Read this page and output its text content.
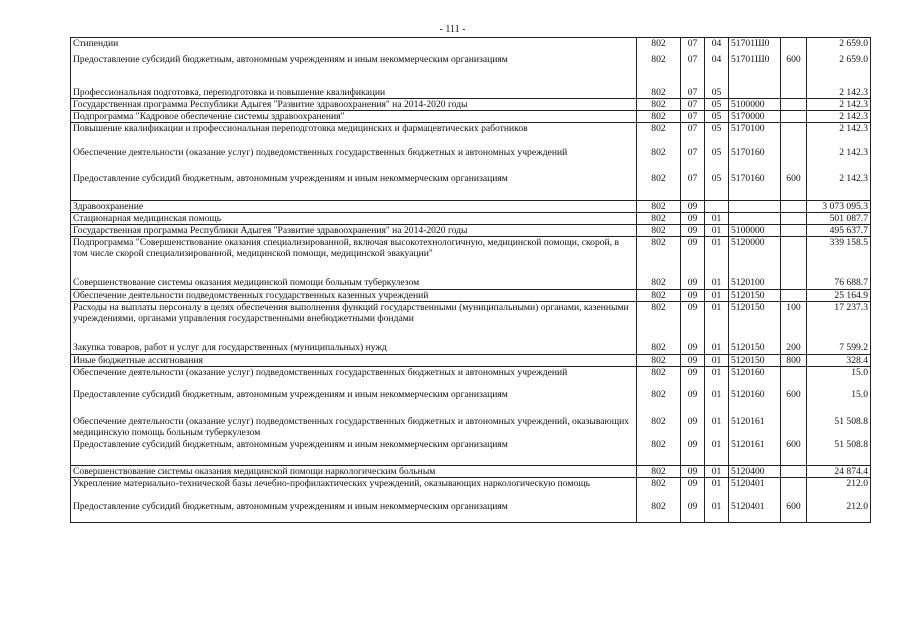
- 111 -
Стипендии	802	07	04	51701Ш0		2 659.0
Предоставление субсидий бюджетным, автономным учреждениям и иным некоммерческим организациям	802	07	04	51701Ш0	600	2 659.0
Профессиональная подготовка, переподготовка и повышение квалификации	802	07	05			2 142.3
Государственная программа Республики Адыгея "Развитие здравоохранения" на 2014-2020 годы	802	07	05	5100000		2 142.3
Подпрограмма "Кадровое обеспечение системы здравоохранения"	802	07	05	5170000		2 142.3
Повышение квалификации и профессиональная переподготовка медицинских и фармацевтических работников	802	07	05	5170100		2 142.3
Обеспечение деятельности (оказание услуг) подведомственных государственных бюджетных и автономных учреждений	802	07	05	5170160		2 142.3
Предоставление субсидий бюджетным, автономным учреждениям и иным некоммерческим организациям	802	07	05	5170160	600	2 142.3
Здравоохранение	802	09				3 073 095.3
Стационарная медицинская помощь	802	09	01			501 087.7
Государственная программа Республики Адыгея "Развитие здравоохранения" на 2014-2020 годы	802	09	01	5100000		495 637.7
Подпрограмма "Совершенствование оказания специализированной, включая высокотехнологичную, медицинской помощи, скорой, в том числе скорой специализированной, медицинской помощи, медицинской эвакуации"	802	09	01	5120000		339 158.5
Совершенствование системы оказания медицинской помощи больным туберкулезом	802	09	01	5120100		76 688.7
Обеспечение деятельности подведомственных государственных казенных учреждений	802	09	01	5120150		25 164.9
Расходы на выплаты персоналу в целях обеспечения выполнения функций государственными (муниципальными) органами, казенными учреждениями, органами управления государственными внебюджетными фондами	802	09	01	5120150	100	17 237.3
Закупка товаров, работ и услуг для государственных (муниципальных) нужд	802	09	01	5120150	200	7 599.2
Иные бюджетные ассигнования	802	09	01	5120150	800	328.4
Обеспечение деятельности (оказание услуг) подведомственных государственных бюджетных и автономных учреждений	802	09	01	5120160		15.0
Предоставление субсидий бюджетным, автономным учреждениям и иным некоммерческим организациям	802	09	01	5120160	600	15.0
Обеспечение деятельности (оказание услуг) подведомственных государственных бюджетных и автономных учреждений, оказывающих медицинскую помощь больным туберкулезом	802	09	01	5120161		51 508.8
Предоставление субсидий бюджетным, автономным учреждениям и иным некоммерческим организациям	802	09	01	5120161	600	51 508.8
Совершенствование системы оказания медицинской помощи наркологическим больным	802	09	01	5120400		24 874.4
Укрепление материально-технической базы лечебно-профилактических учреждений, оказывающих наркологическую помощь	802	09	01	5120401		212.0
Предоставление субсидий бюджетным, автономным учреждениям и иным некоммерческим организациям	802	09	01	5120401	600	212.0
